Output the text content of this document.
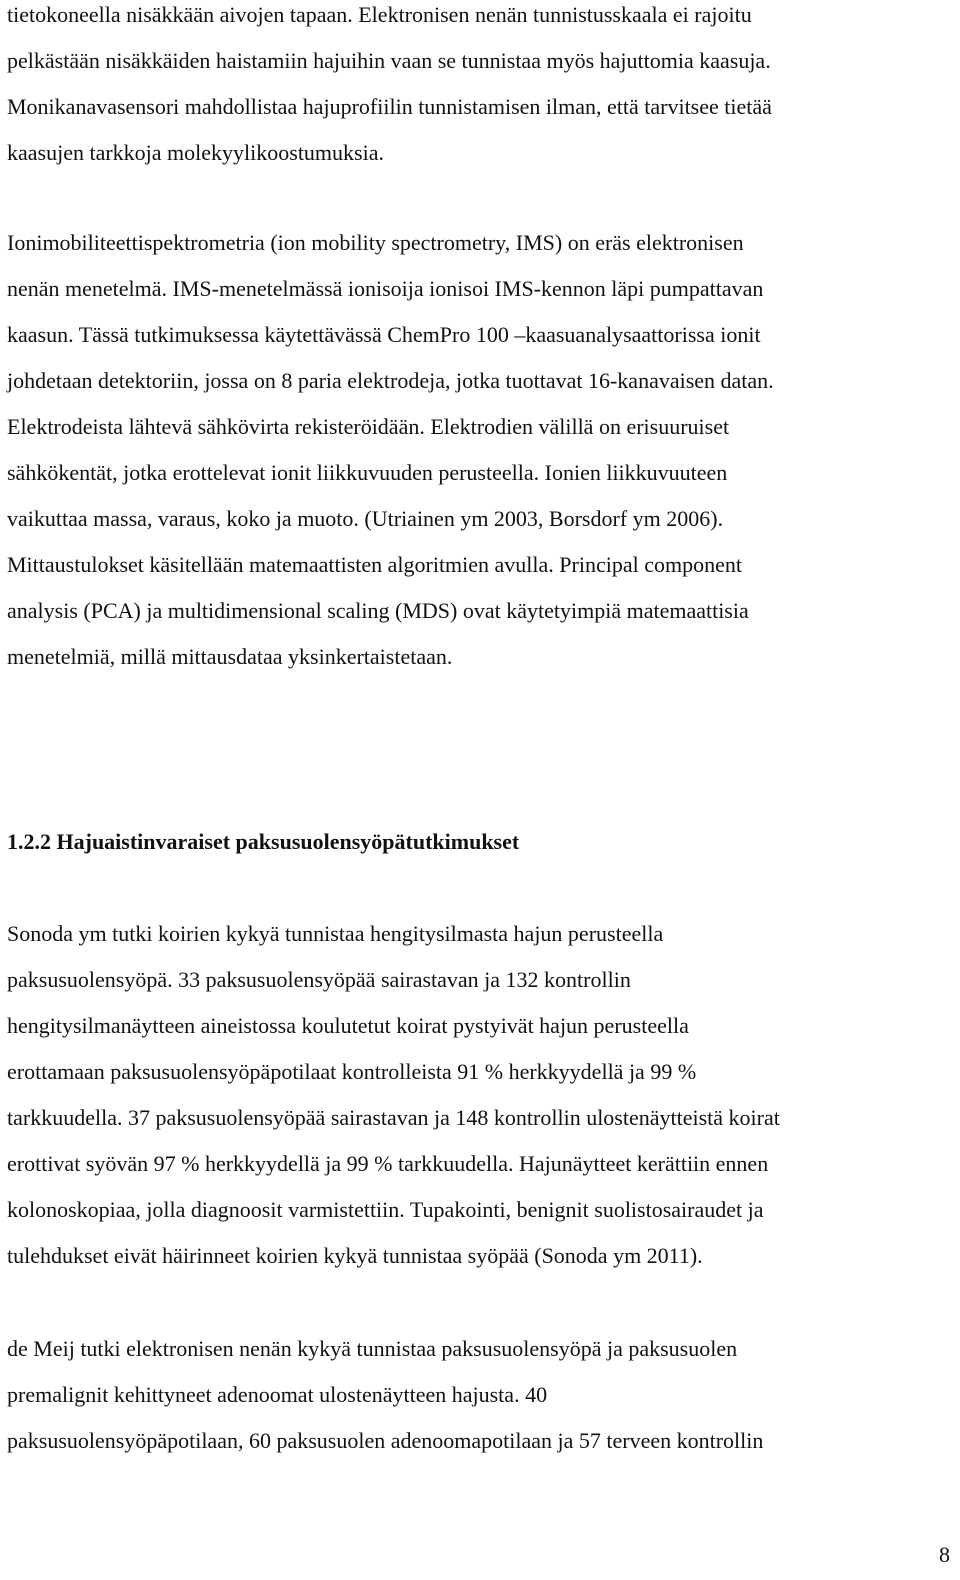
tietokoneella nisäkkään aivojen tapaan. Elektronisen nenän tunnistusskaala ei rajoitu

pelkästään nisäkkäiden haistamiin hajuihin vaan se tunnistaa myös hajuttomia kaasuja.

Monikanavasensori mahdollistaa hajuprofiilin tunnistamisen ilman, että tarvitsee tietää

kaasujen tarkkoja molekyylikoostumuksia.

Ionimobiliteettispektrometria (ion mobility spectrometry, IMS) on eräs elektronisen

nenän menetelmä. IMS-menetelmässä ionisoija ionisoi IMS-kennon läpi pumpattavan

kaasun. Tässä tutkimuksessa käytettävässä ChemPro 100 –kaasuanalysaattorissa ionit

johdetaan detektoriin, jossa on 8 paria elektrodeja, jotka tuottavat 16-kanavaisen datan.

Elektrodeista lähtevä sähkövirta rekisteröidään. Elektrodien välillä on erisuuruiset

sähkökentät, jotka erottelevat ionit liikkuvuuden perusteella. Ionien liikkuvuuteen

vaikuttaa massa, varaus, koko ja muoto. (Utriainen ym 2003, Borsdorf ym 2006).

Mittaustulokset käsitellään matemaattisten algoritmien avulla. Principal component

analysis (PCA) ja multidimensional scaling (MDS) ovat käytetyimpiä matemaattisia

menetelmiä, millä mittausdataa yksinkertaistetaan.

1.2.2 Hajuaistinvaraiset paksusuolensyöpätutkimukset

Sonoda ym tutki koirien kykyä tunnistaa hengitysilmasta hajun perusteella

paksusuolensyöpä. 33 paksusuolensyöpää sairastavan ja 132 kontrollin

hengitysilmanäytteen aineistossa koulutetut koirat pystyivät hajun perusteella

erottamaan paksusuolensyöpäpotilaat kontrolleista 91 % herkkyydellä ja 99 %

tarkkuudella. 37 paksusuolensyöpää sairastavan ja 148 kontrollin ulostenäytteistä koirat

erottivat syövän 97 % herkkyydellä ja 99 % tarkkuudella. Hajunäytteet kerättiin ennen

kolonoskopiaa, jolla diagnoosit varmistettiin. Tupakointi, benignit suolistosairaudet ja

tulehdukset eivät häirinneet koirien kykyä tunnistaa syöpää (Sonoda ym 2011).

de Meij tutki elektronisen nenän kykyä tunnistaa paksusuolensyöpä ja paksusuolen

premalignit kehittyneet adenoomat ulostenäytteen hajusta. 40

paksusuolensyöpäpotilaan, 60 paksusuolen adenoomapotilaan ja 57 terveen kontrollin

8
